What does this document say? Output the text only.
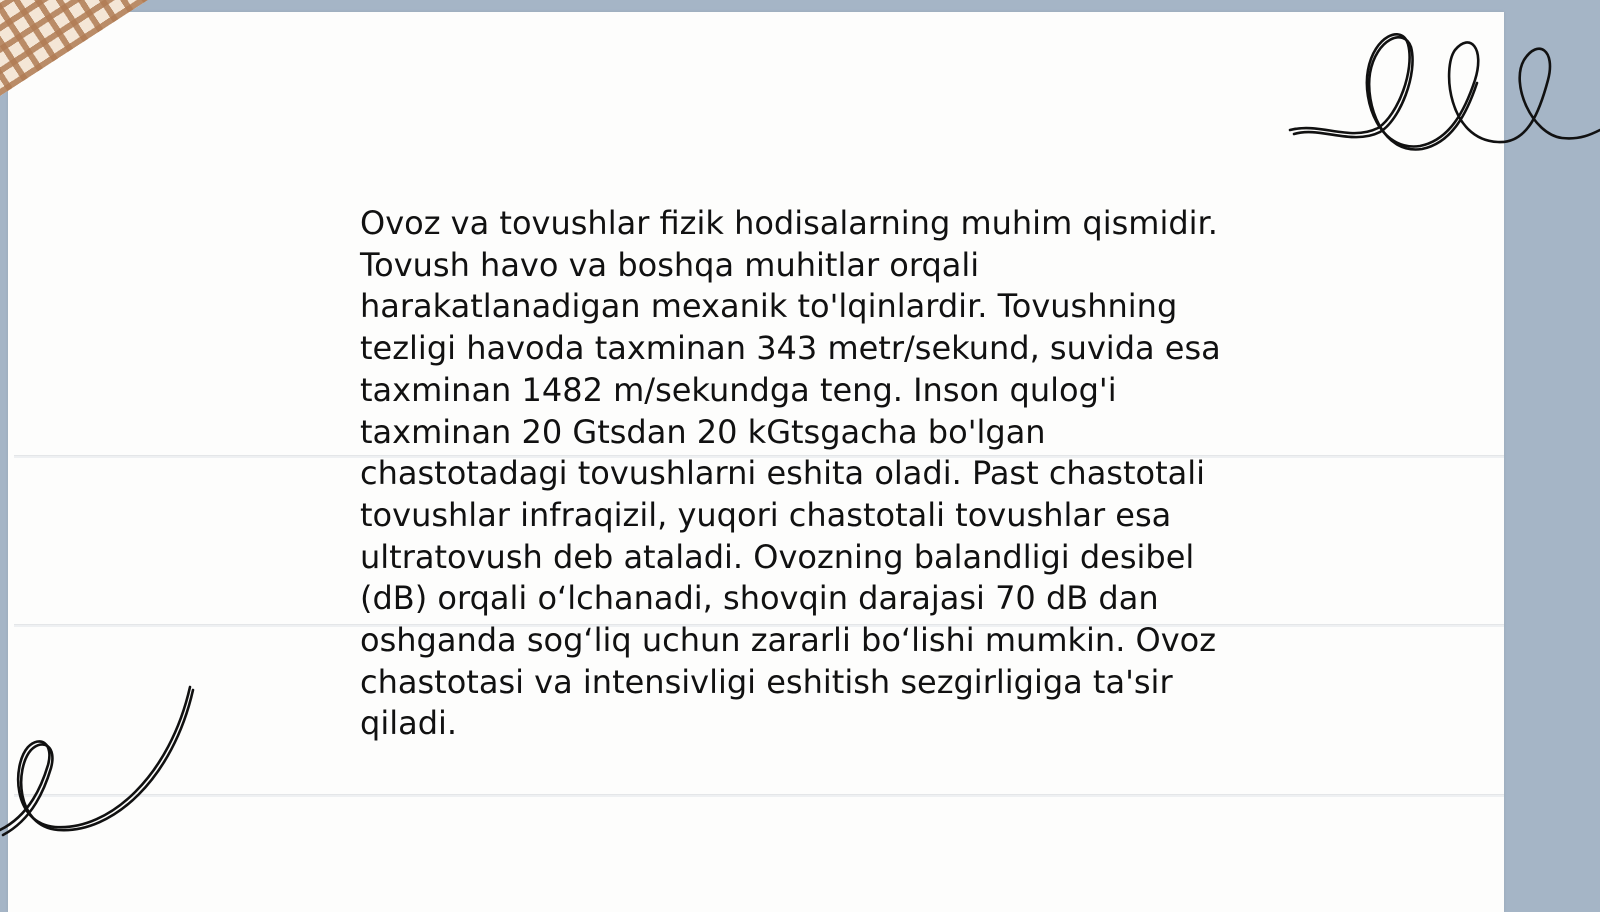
Ovoz va tovushlar fizik hodisalarning muhim qismidir.
Tovush havo va boshqa muhitlar orqali
harakatlanadigan mexanik to'lqinlardir. Tovushning
tezligi havoda taxminan 343 metr/sekund, suvida esa
taxminan 1482 m/sekundga teng. Inson qulog'i
taxminan 20 Gtsdan 20 kGtsgacha bo'lgan
chastotadagi tovushlarni eshita oladi. Past chastotali
tovushlar infraqizil, yuqori chastotali tovushlar esa
ultratovush deb ataladi. Ovozning balandligi desibel
(dB) orqali o‘lchanadi, shovqin darajasi 70 dB dan
oshganda sog‘liq uchun zararli bo‘lishi mumkin. Ovoz
chastotasi va intensivligi eshitish sezgirligiga ta'sir
qiladi.
